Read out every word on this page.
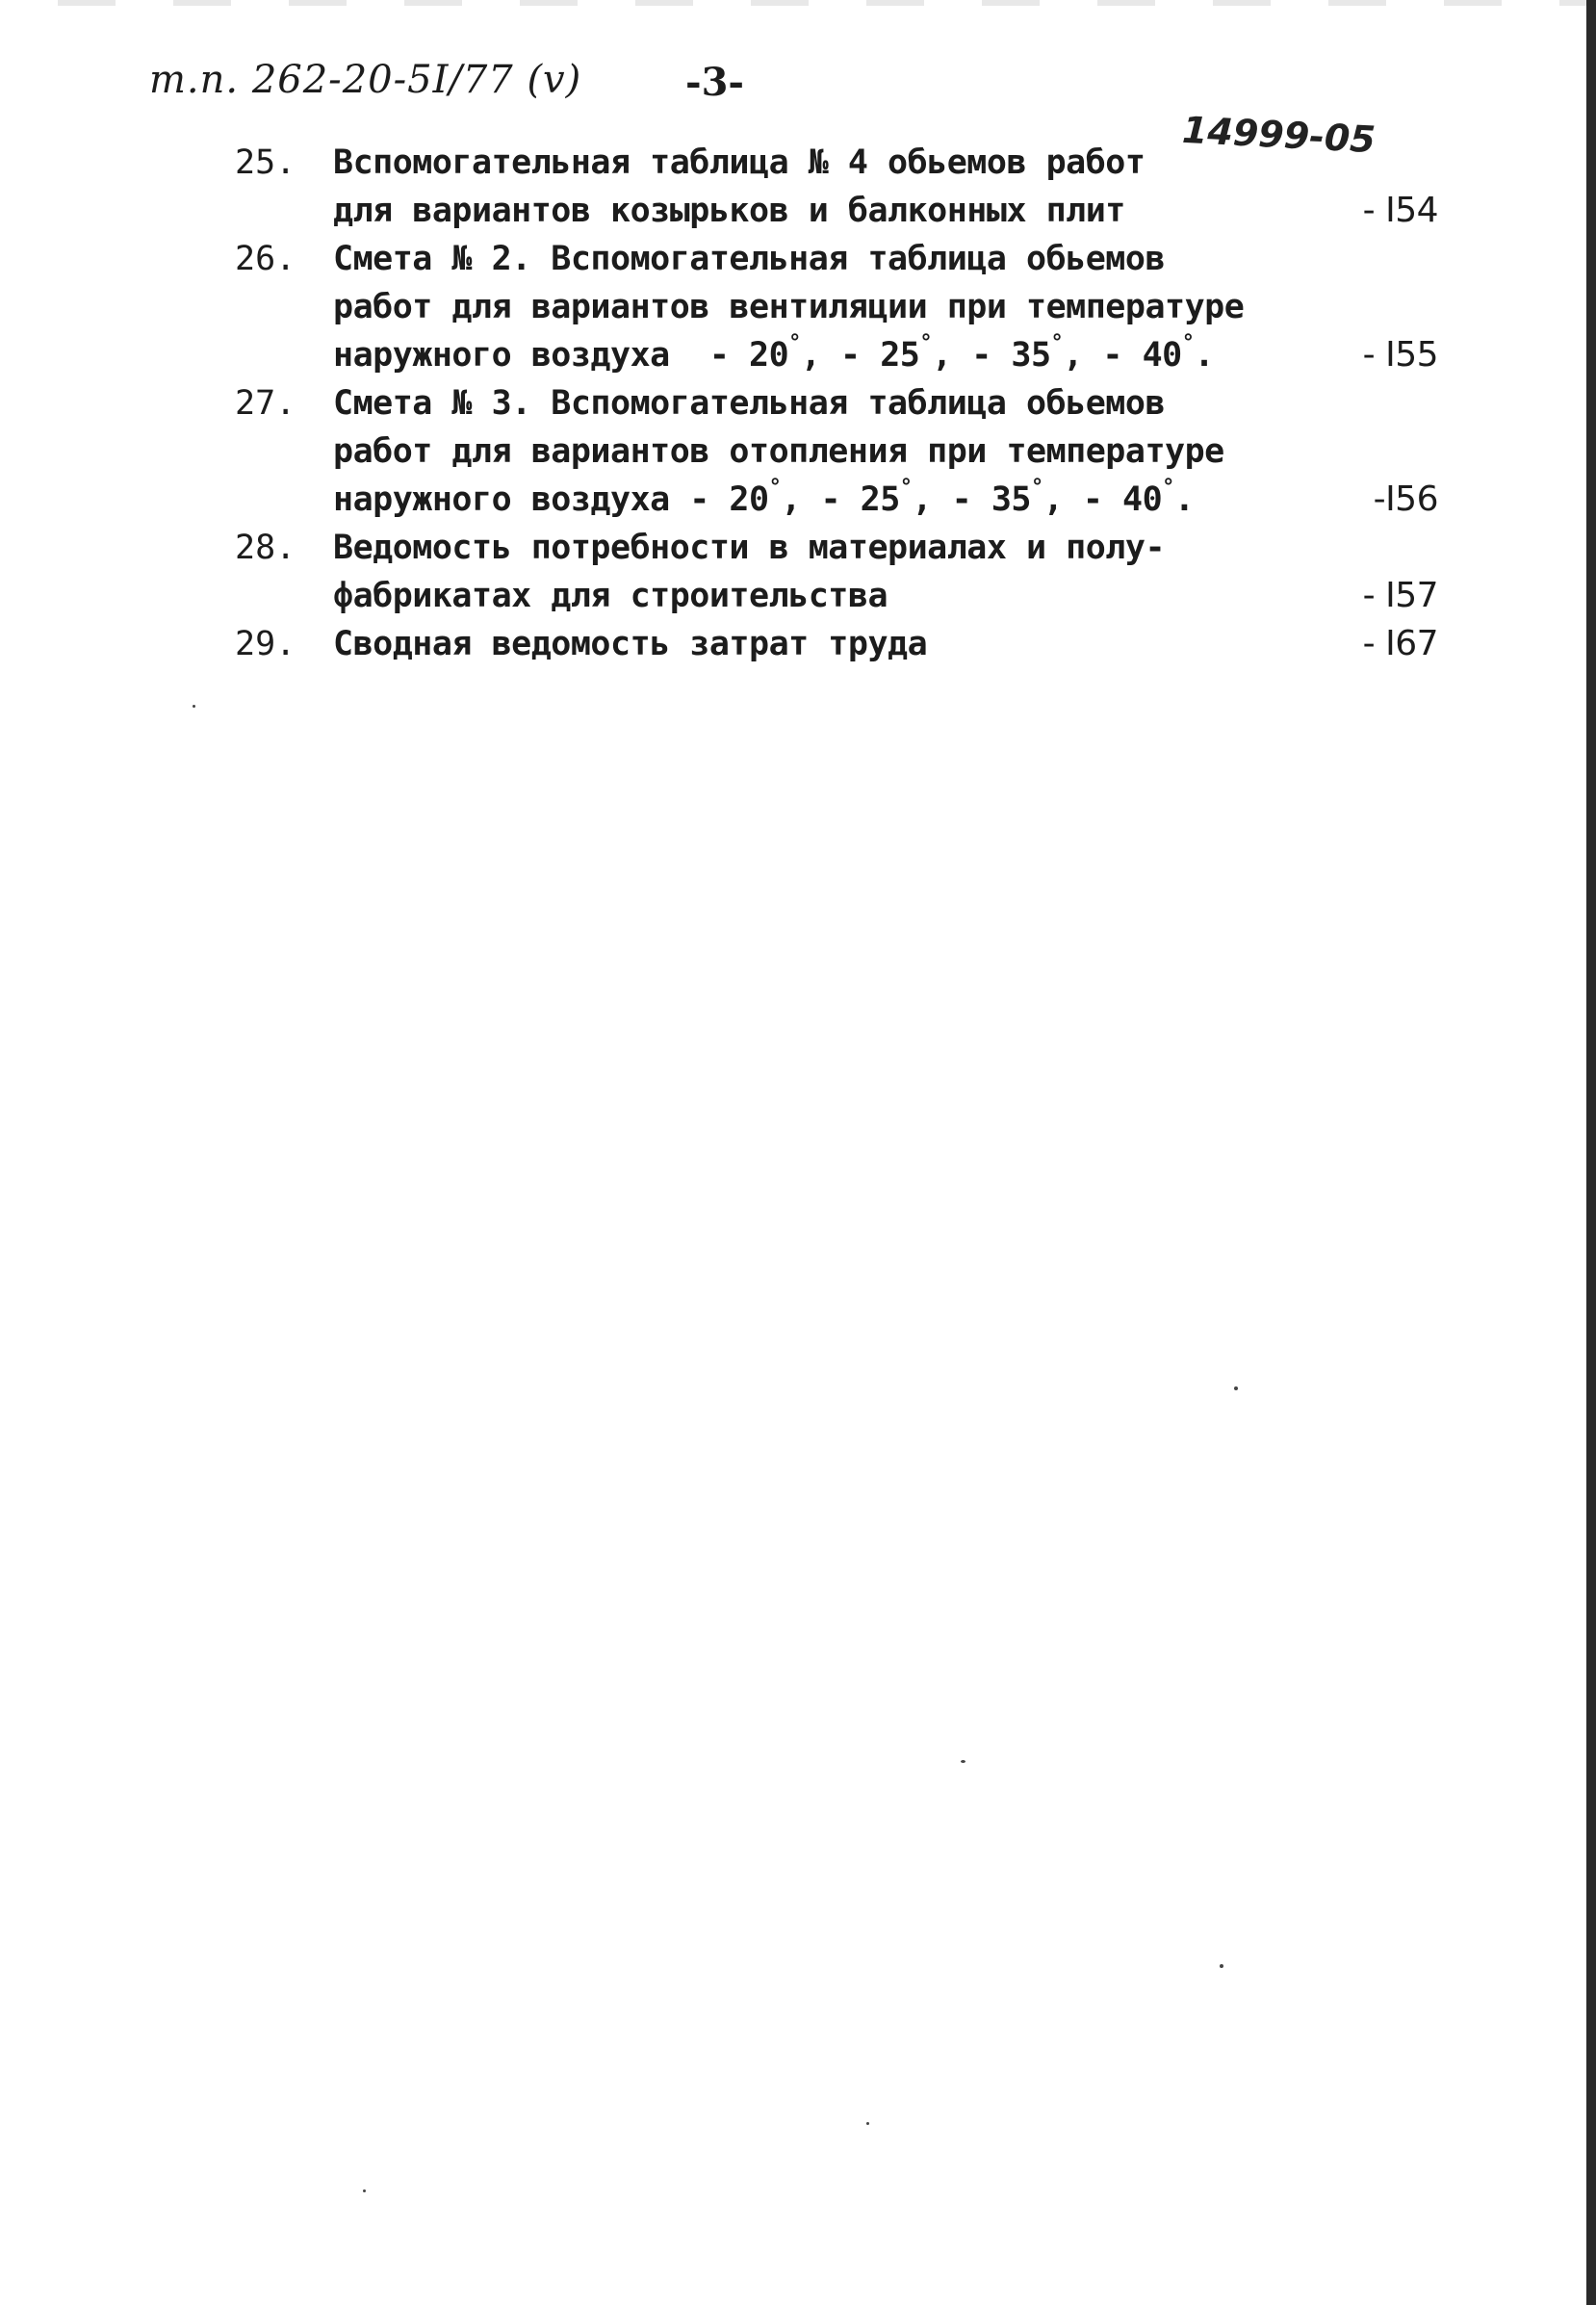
т.п. 262-20-5I/77 (v)	-3-
14999-05
25.	Вспомогательная таблица № 4 обьемов работ
для вариантов козырьков и балконных плит	- I54
26.	Смета № 2. Вспомогательная таблица обьемов
работ для вариантов вентиляции при температуре
наружного воздуха  - 20°, - 25°, - 35°, - 40°.	- I55
27.	Смета № 3. Вспомогательная таблица обьемов
работ для вариантов отопления при температуре
наружного воздуха - 20°, - 25°, - 35°, - 40°.	-I56
28.	Ведомость потребности в материалах и полу-
фабрикатах для строительства	- I57
29.	Сводная ведомость затрат труда	- I67
